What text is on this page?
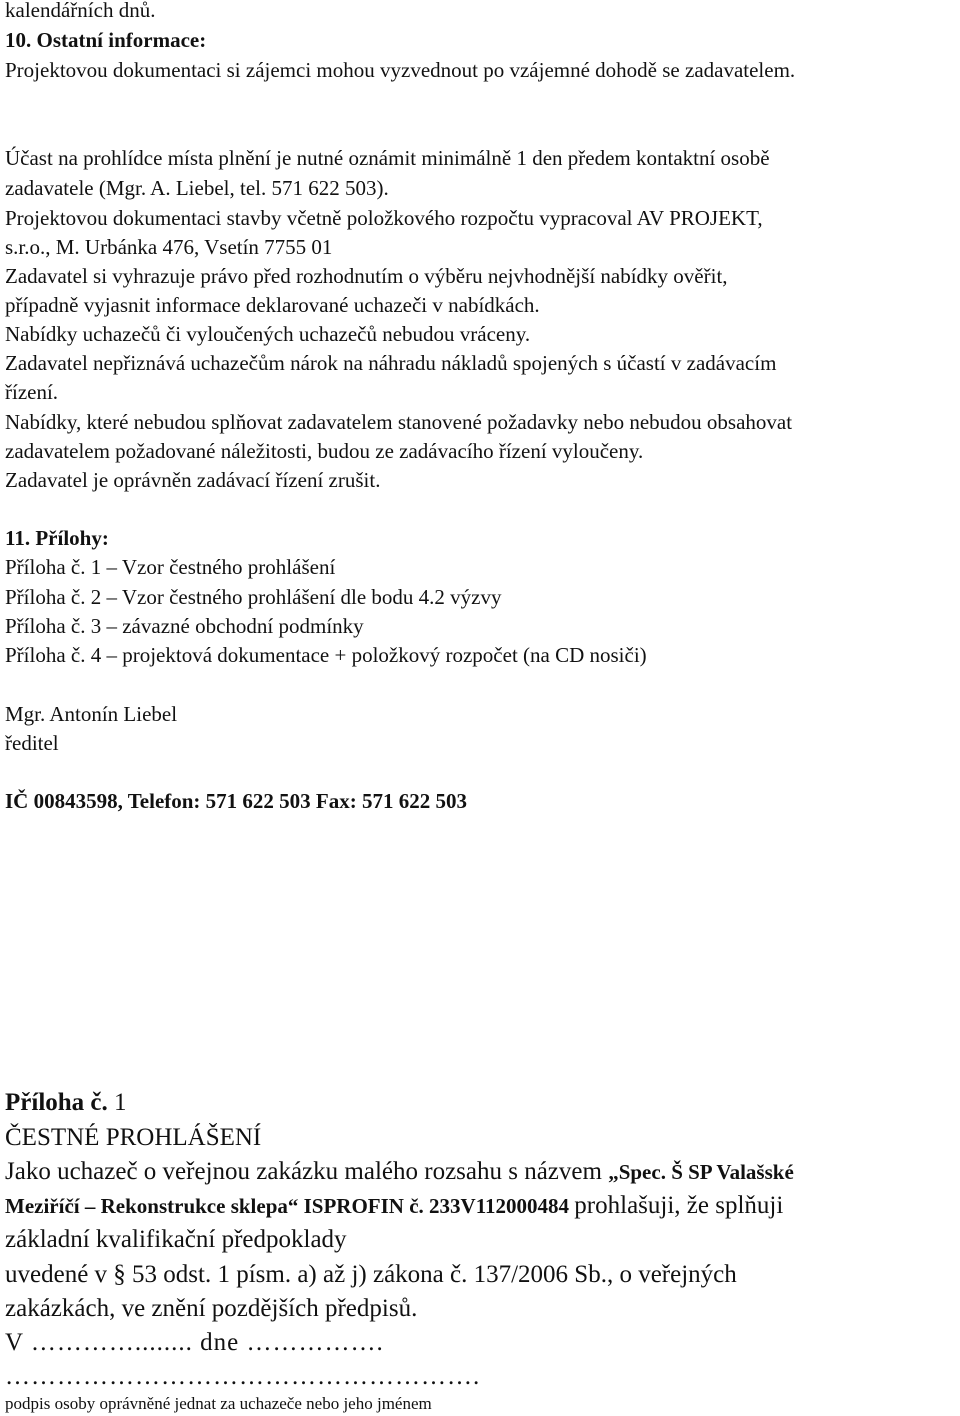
kalendářních dnů.

10. Ostatní informace:

Projektovou dokumentaci si zájemci mohou vyzvednout po vzájemné dohodě se zadavatelem.

Účast na prohlídce místa plnění je nutné oznámit minimálně 1 den předem kontaktní osobě

zadavatele (Mgr. A. Liebel, tel. 571 622 503).

Projektovou dokumentaci stavby včetně položkového rozpočtu vypracoval AV PROJEKT,

s.r.o., M. Urbánka 476, Vsetín 7755 01

Zadavatel si vyhrazuje právo před rozhodnutím o výběru nejvhodnější nabídky ověřit,

případně vyjasnit informace deklarované uchazeči v nabídkách.

Nabídky uchazečů či vyloučených uchazečů nebudou vráceny.

Zadavatel nepřiznává uchazečům nárok na náhradu nákladů spojených s účastí v zadávacím

řízení.

Nabídky, které nebudou splňovat zadavatelem stanovené požadavky nebo nebudou obsahovat

zadavatelem požadované náležitosti, budou ze zadávacího řízení vyloučeny.

Zadavatel je oprávněn zadávací řízení zrušit.

11. Přílohy:

Příloha č. 1 – Vzor čestného prohlášení

Příloha č. 2 – Vzor čestného prohlášení dle bodu 4.2 výzvy

Příloha č. 3 – závazné obchodní podmínky

Příloha č. 4 – projektová dokumentace + položkový rozpočet (na CD nosiči)

Mgr. Antonín Liebel

ředitel

IČ 00843598, Telefon: 571 622 503 Fax: 571 622 503

Příloha č. 1

ČESTNÉ PROHLÁŠENÍ

Jako uchazeč o veřejnou zakázku malého rozsahu s názvem „Spec. Š SP Valašské

Meziříčí – Rekonstrukce sklepa“ ISPROFIN č. 233V112000484 prohlašuji, že splňuji

základní kvalifikační předpoklady

uvedené v § 53 odst. 1 písm. a) až j) zákona č. 137/2006 Sb., o veřejných

zakázkách, ve znění pozdějších předpisů.

V …………........ dne …………….

……………………………………………….

podpis osoby oprávněné jednat za uchazeče nebo jeho jménem
